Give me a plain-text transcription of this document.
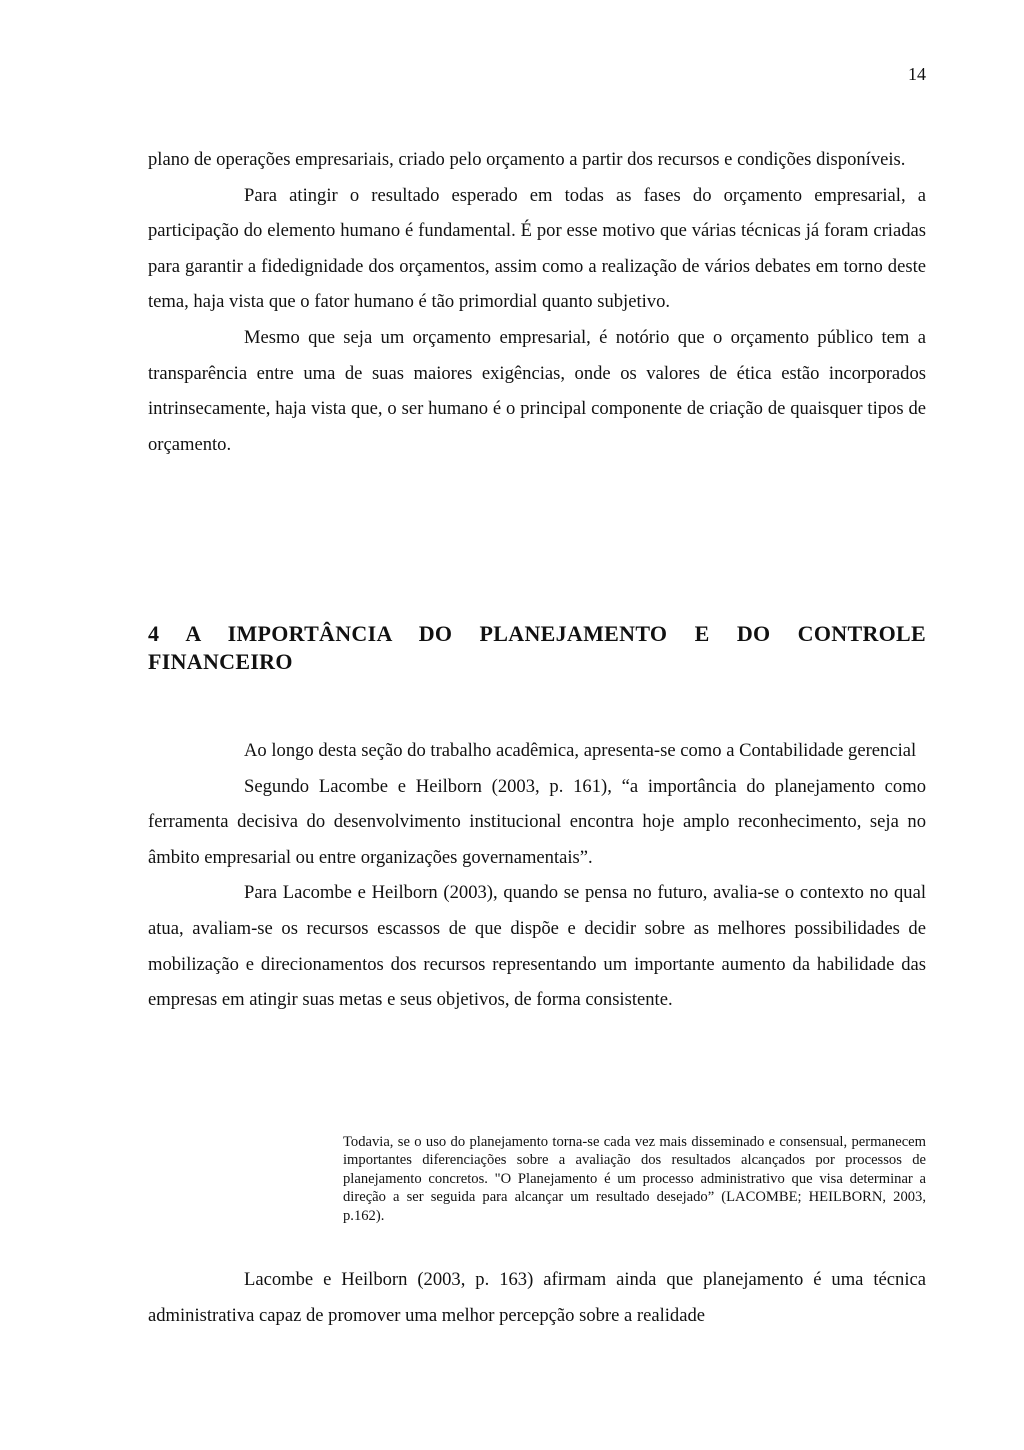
14

plano de operações empresariais, criado pelo orçamento a partir dos recursos e condições disponíveis.

Para atingir o resultado esperado em todas as fases do orçamento empresarial, a participação do elemento humano é fundamental. É por esse motivo que várias técnicas já foram criadas para garantir a fidedignidade dos orçamentos, assim como a realização de vários debates em torno deste tema, haja vista que o fator humano é tão primordial quanto subjetivo.

Mesmo que seja um orçamento empresarial, é notório que o orçamento público tem a transparência entre uma de suas maiores exigências, onde os valores de ética estão incorporados intrinsecamente, haja vista que, o ser humano é o principal componente de criação de quaisquer tipos de orçamento.

4 A IMPORTÂNCIA DO PLANEJAMENTO E DO CONTROLE FINANCEIRO

Ao longo desta seção do trabalho acadêmica, apresenta-se como a Contabilidade gerencial

Segundo Lacombe e Heilborn (2003, p. 161), “a importância do planejamento como ferramenta decisiva do desenvolvimento institucional encontra hoje amplo reconhecimento, seja no âmbito empresarial ou entre organizações governamentais”.

Para Lacombe e Heilborn (2003), quando se pensa no futuro, avalia-se o contexto no qual atua, avaliam-se os recursos escassos de que dispõe e decidir sobre as melhores possibilidades de mobilização e direcionamentos dos recursos representando um importante aumento da habilidade das empresas em atingir suas metas e seus objetivos, de forma consistente.

Todavia, se o uso do planejamento torna-se cada vez mais disseminado e consensual, permanecem importantes diferenciações sobre a avaliação dos resultados alcançados por processos de planejamento concretos. "O Planejamento é um processo administrativo que visa determinar a direção a ser seguida para alcançar um resultado desejado” (LACOMBE; HEILBORN, 2003, p.162).

Lacombe e Heilborn (2003, p. 163) afirmam ainda que planejamento é uma técnica administrativa capaz de promover uma melhor percepção sobre a realidade
